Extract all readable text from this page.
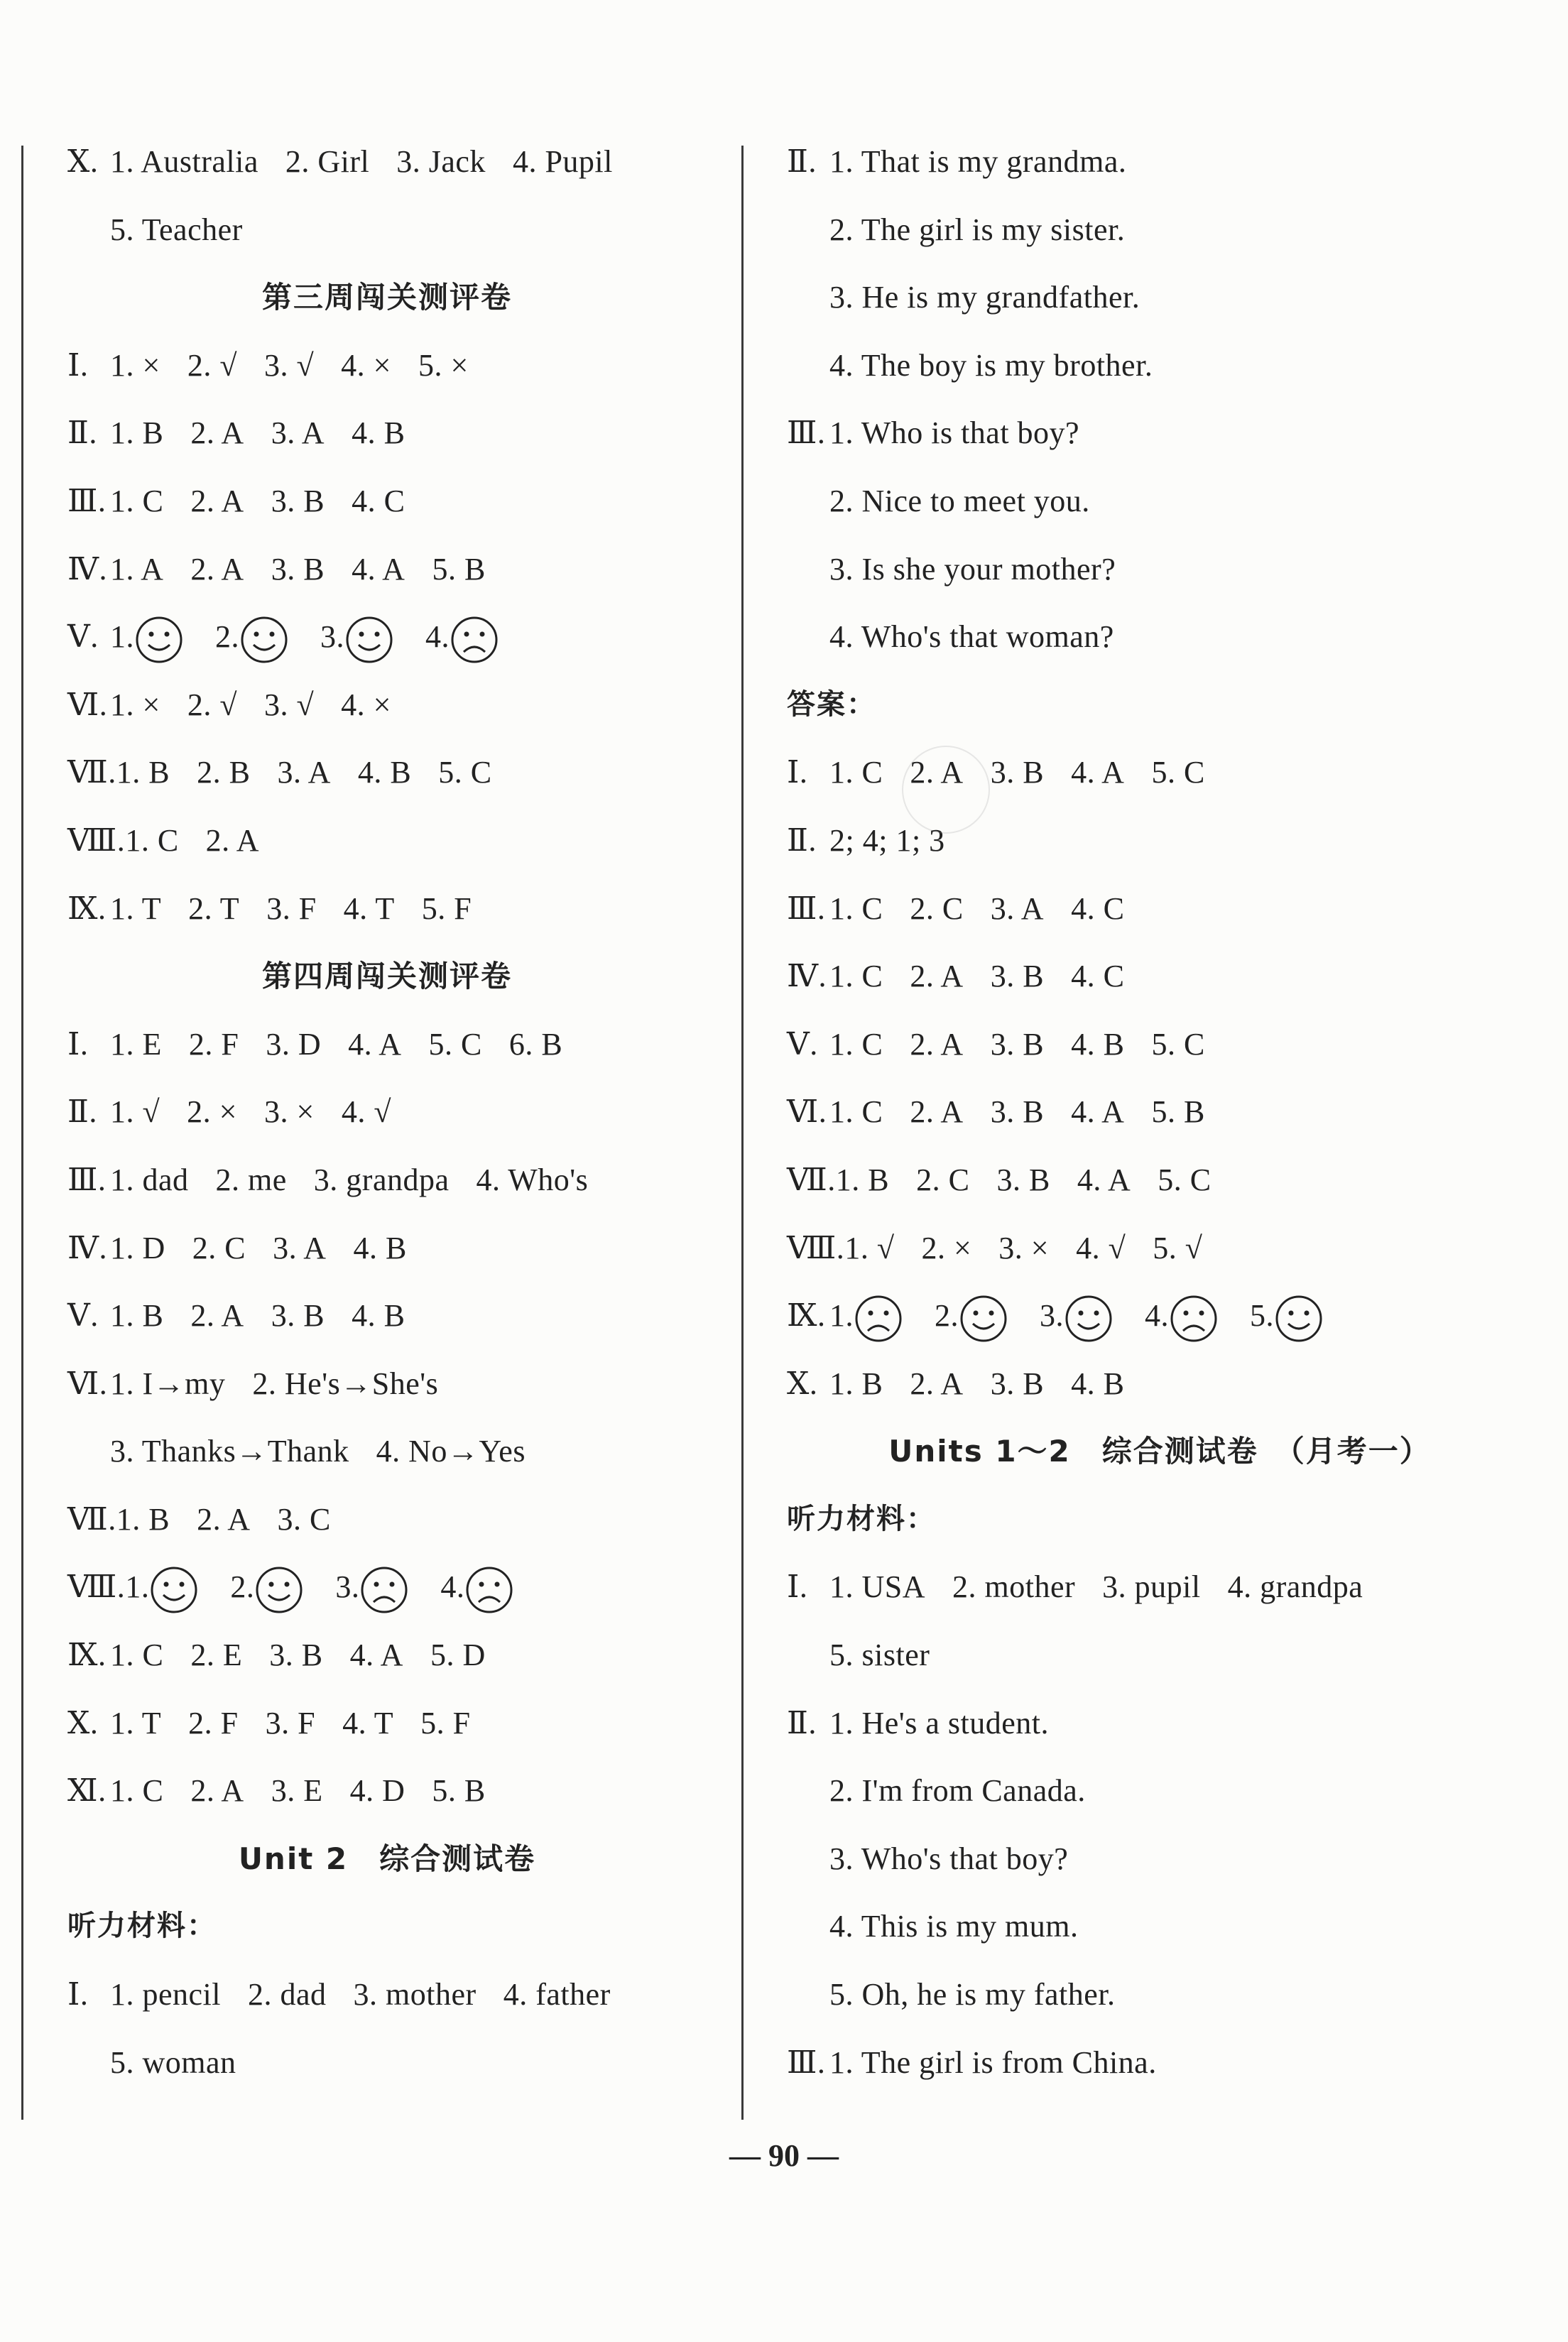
Ⅹ. 1. Australia 2. Girl 3. Jack 4. Pupil
5. Teacher
第三周闯关测评卷
Ⅰ. 1. × 2. √ 3. √ 4. × 5. ×
Ⅱ. 1. B 2. A 3. A 4. B
Ⅲ. 1. C 2. A 3. B 4. C
Ⅳ.1. A 2. A 3. B 4. A 5. B
Ⅴ. 1.	2.	3.	4.
Ⅵ.1. × 2. √ 3. √ 4. ×
Ⅶ.1. B 2. B 3. A 4. B 5. C
Ⅷ.1. C 2. A
Ⅸ. 1. T 2. T 3. F 4. T 5. F
第四周闯关测评卷
Ⅰ. 1. E 2. F 3. D 4. A 5. C 6. B
Ⅱ. 1. √ 2. × 3. × 4. √
Ⅲ. 1. dad 2. me 3. grandpa 4. Who's
Ⅳ.1. D 2. C 3. A 4. B
Ⅴ. 1. B 2. A 3. B 4. B
Ⅵ.1. I→my 2. He's→She's
3. Thanks→Thank 4. No→Yes
Ⅶ.1. B 2. A 3. C
Ⅷ.1.	2.	3.	4.
Ⅸ. 1. C 2. E 3. B 4. A 5. D
Ⅹ. 1. T 2. F 3. F 4. T 5. F
Ⅺ. 1. C 2. A 3. E 4. D 5. B
Unit 2　综合测试卷
听力材料：
Ⅰ. 1. pencil 2. dad 3. mother 4. father
5. woman
Ⅱ. 1. That is my grandma.
2. The girl is my sister.
3. He is my grandfather.
4. The boy is my brother.
Ⅲ. 1. Who is that boy?
2. Nice to meet you.
3. Is she your mother?
4. Who's that woman?
答案：
Ⅰ. 1. C 2. A 3. B 4. A 5. C
Ⅱ. 2; 4; 1; 3
Ⅲ. 1. C 2. C 3. A 4. C
Ⅳ.1. C 2. A 3. B 4. C
Ⅴ. 1. C 2. A 3. B 4. B 5. C
Ⅵ.1. C 2. A 3. B 4. A 5. B
Ⅶ.1. B 2. C 3. B 4. A 5. C
Ⅷ.1. √ 2. × 3. × 4. √ 5. √
Ⅸ. 1.	2.	3.	4.	5.
Ⅹ. 1. B 2. A 3. B 4. B
Units 1～2　综合测试卷　（月考一）
听力材料：
Ⅰ. 1. USA 2. mother 3. pupil 4. grandpa
5. sister
Ⅱ. 1. He's a student.
2. I'm from Canada.
3. Who's that boy?
4. This is my mum.
5. Oh, he is my father.
Ⅲ. 1. The girl is from China.
— 90 —
